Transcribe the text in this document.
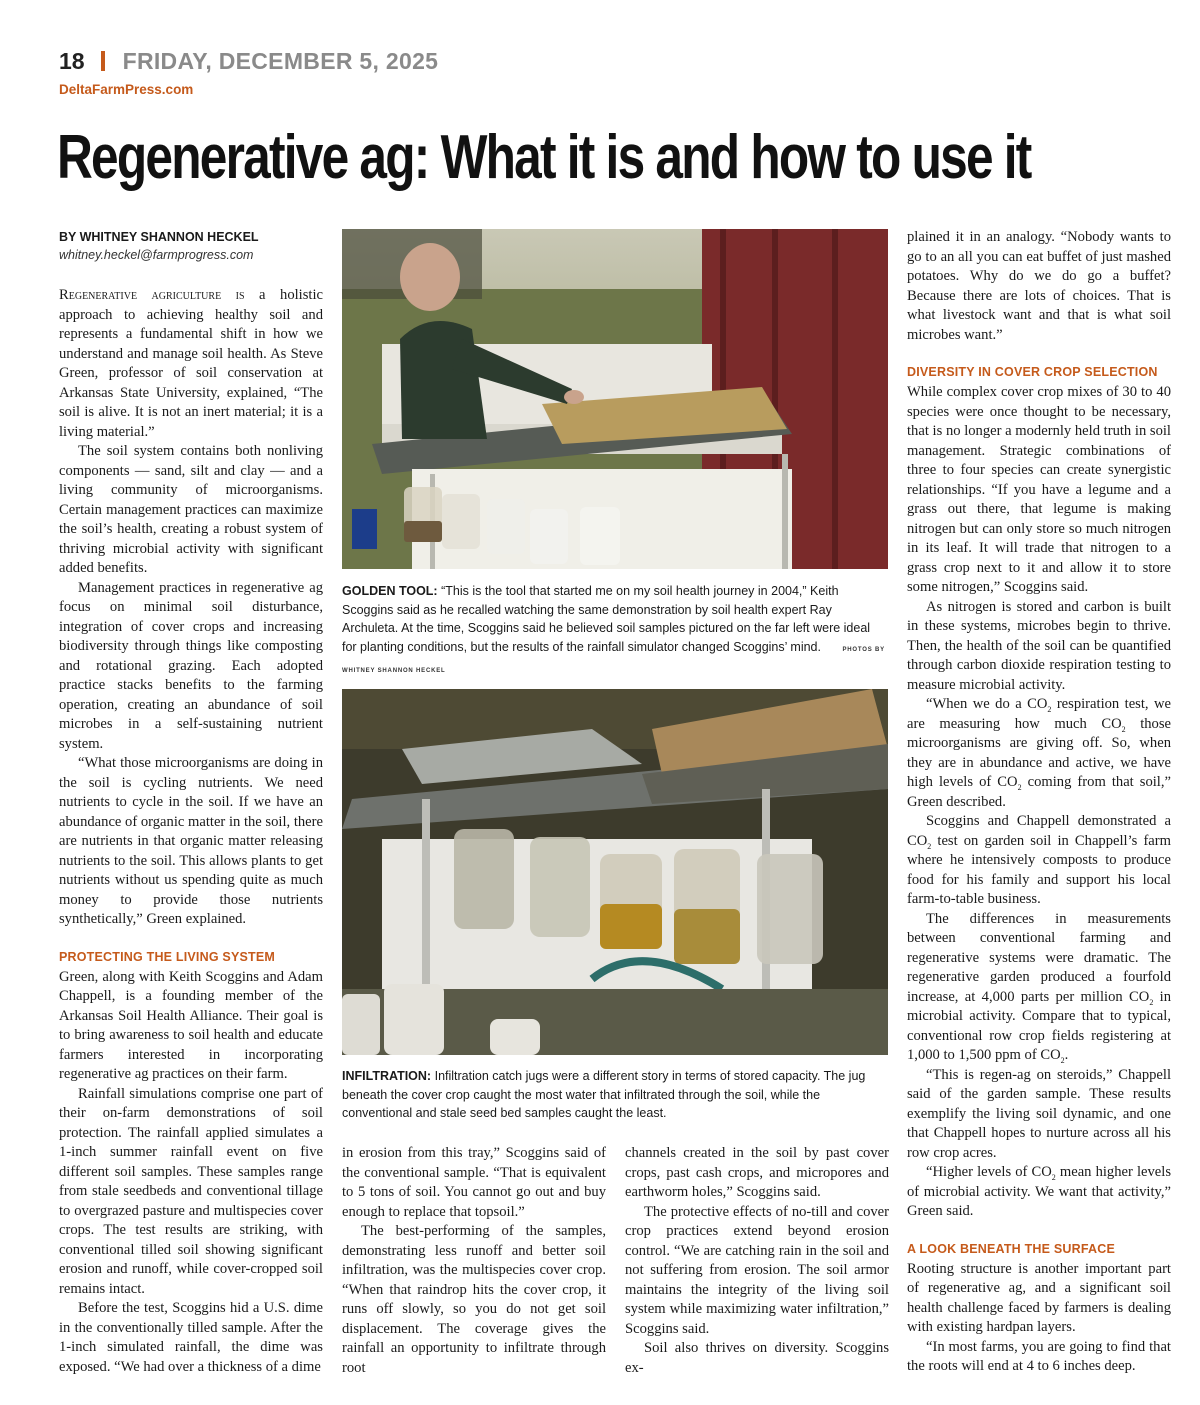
18 FRIDAY, DECEMBER 5, 2025
DeltaFarmPress.com
Regenerative ag: What it is and how to use it
BY WHITNEY SHANNON HECKEL
whitney.heckel@farmprogress.com

Regenerative agriculture is a holistic approach to achieving healthy soil and represents a fundamental shift in how we understand and manage soil health. As Steve Green, professor of soil conservation at Arkansas State University, explained, “The soil is alive. It is not an inert material; it is a living material.”

The soil system contains both nonliving components — sand, silt and clay — and a living community of microorganisms. Certain management practices can maximize the soil’s health, creating a robust system of thriving microbial activity with significant added benefits.

Management practices in regenerative ag focus on minimal soil disturbance, integration of cover crops and increasing biodiversity through things like composting and rotational grazing. Each adopted practice stacks benefits to the farming operation, creating an abundance of soil microbes in a self-sustaining nutrient system.

“What those microorganisms are doing in the soil is cycling nutrients. We need nutrients to cycle in the soil. If we have an abundance of organic matter in the soil, there are nutrients in that organic matter releasing nutrients to the soil. This allows plants to get nutrients without us spending quite as much money to provide those nutrients synthetically,” Green explained.

PROTECTING THE LIVING SYSTEM

Green, along with Keith Scoggins and Adam Chappell, is a founding member of the Arkansas Soil Health Alliance. Their goal is to bring awareness to soil health and educate farmers interested in incorporating regenerative ag practices on their farm.

Rainfall simulations comprise one part of their on-farm demonstrations of soil protection. The rainfall applied simulates a 1-inch summer rainfall event on five different soil samples. These samples range from stale seedbeds and conventional tillage to overgrazed pasture and multispecies cover crops. The test results are striking, with conventional tilled soil showing significant erosion and runoff, while cover-cropped soil remains intact.

Before the test, Scoggins hid a U.S. dime in the conventionally tilled sample. After the 1-inch simulated rainfall, the dime was exposed. “We had over a thickness of a dime

GOLDEN TOOL: “This is the tool that started me on my soil health journey in 2004,” Keith Scoggins said as he recalled watching the same demonstration by soil health expert Ray Archuleta. At the time, Scoggins said he believed soil samples pictured on the far left were ideal for planting conditions, but the results of the rainfall simulator changed Scoggins’ mind.	PHOTOS BY WHITNEY SHANNON HECKEL
INFILTRATION: Infiltration catch jugs were a different story in terms of stored capacity. The jug beneath the cover crop caught the most water that infiltrated through the soil, while the conventional and stale seed bed samples caught the least.

in erosion from this tray,” Scoggins said of the conventional sample. “That is equivalent to 5 tons of soil. You cannot go out and buy enough to replace that topsoil.”

The best-performing of the samples, demonstrating less runoff and better soil infiltration, was the multispecies cover crop. “When that raindrop hits the cover crop, it runs off slowly, so you do not get soil displacement. The coverage gives the rainfall an opportunity to infiltrate through root

channels created in the soil by past cover crops, past cash crops, and micropores and earthworm holes,” Scoggins said.

The protective effects of no-till and cover crop practices extend beyond erosion control. “We are catching rain in the soil and not suffering from erosion. The soil armor maintains the integrity of the living soil system while maximizing water infiltration,” Scoggins said.

Soil also thrives on diversity. Scoggins ex-

plained it in an analogy. “Nobody wants to go to an all you can eat buffet of just mashed potatoes. Why do we do go a buffet? Because there are lots of choices. That is what livestock want and that is what soil microbes want.”

DIVERSITY IN COVER CROP SELECTION

While complex cover crop mixes of 30 to 40 species were once thought to be necessary, that is no longer a modernly held truth in soil management. Strategic combinations of three to four species can create synergistic relationships. “If you have a legume and a grass out there, that legume is making nitrogen but can only store so much nitrogen in its leaf. It will trade that nitrogen to a grass crop next to it and allow it to store some nitrogen,” Scoggins said.

As nitrogen is stored and carbon is built in these systems, microbes begin to thrive. Then, the health of the soil can be quantified through carbon dioxide respiration testing to measure microbial activity.

“When we do a $CO_2$ respiration test, we are measuring how much $CO_2$ those microorganisms are giving off. So, when they are in abundance and active, we have high levels of $CO_2$ coming from that soil,” Green described.

Scoggins and Chappell demonstrated a $CO_2$ test on garden soil in Chappell’s farm where he intensively composts to produce food for his family and support his local farm-to-table business.

The differences in measurements between conventional farming and regenerative systems were dramatic. The regenerative garden produced a fourfold increase, at 4,000 parts per million $CO_2$ in microbial activity. Compare that to typical, conventional row crop fields registering at 1,000 to 1,500 ppm of $CO_2$.

“This is regen-ag on steroids,” Chappell said of the garden sample. These results exemplify the living soil dynamic, and one that Chappell hopes to nurture across all his row crop acres.

“Higher levels of $CO_2$ mean higher levels of microbial activity. We want that activity,” Green said.

A LOOK BENEATH THE SURFACE

Rooting structure is another important part of regenerative ag, and a significant soil health challenge faced by farmers is dealing with existing hardpan layers.

“In most farms, you are going to find that the roots will end at 4 to 6 inches deep.
